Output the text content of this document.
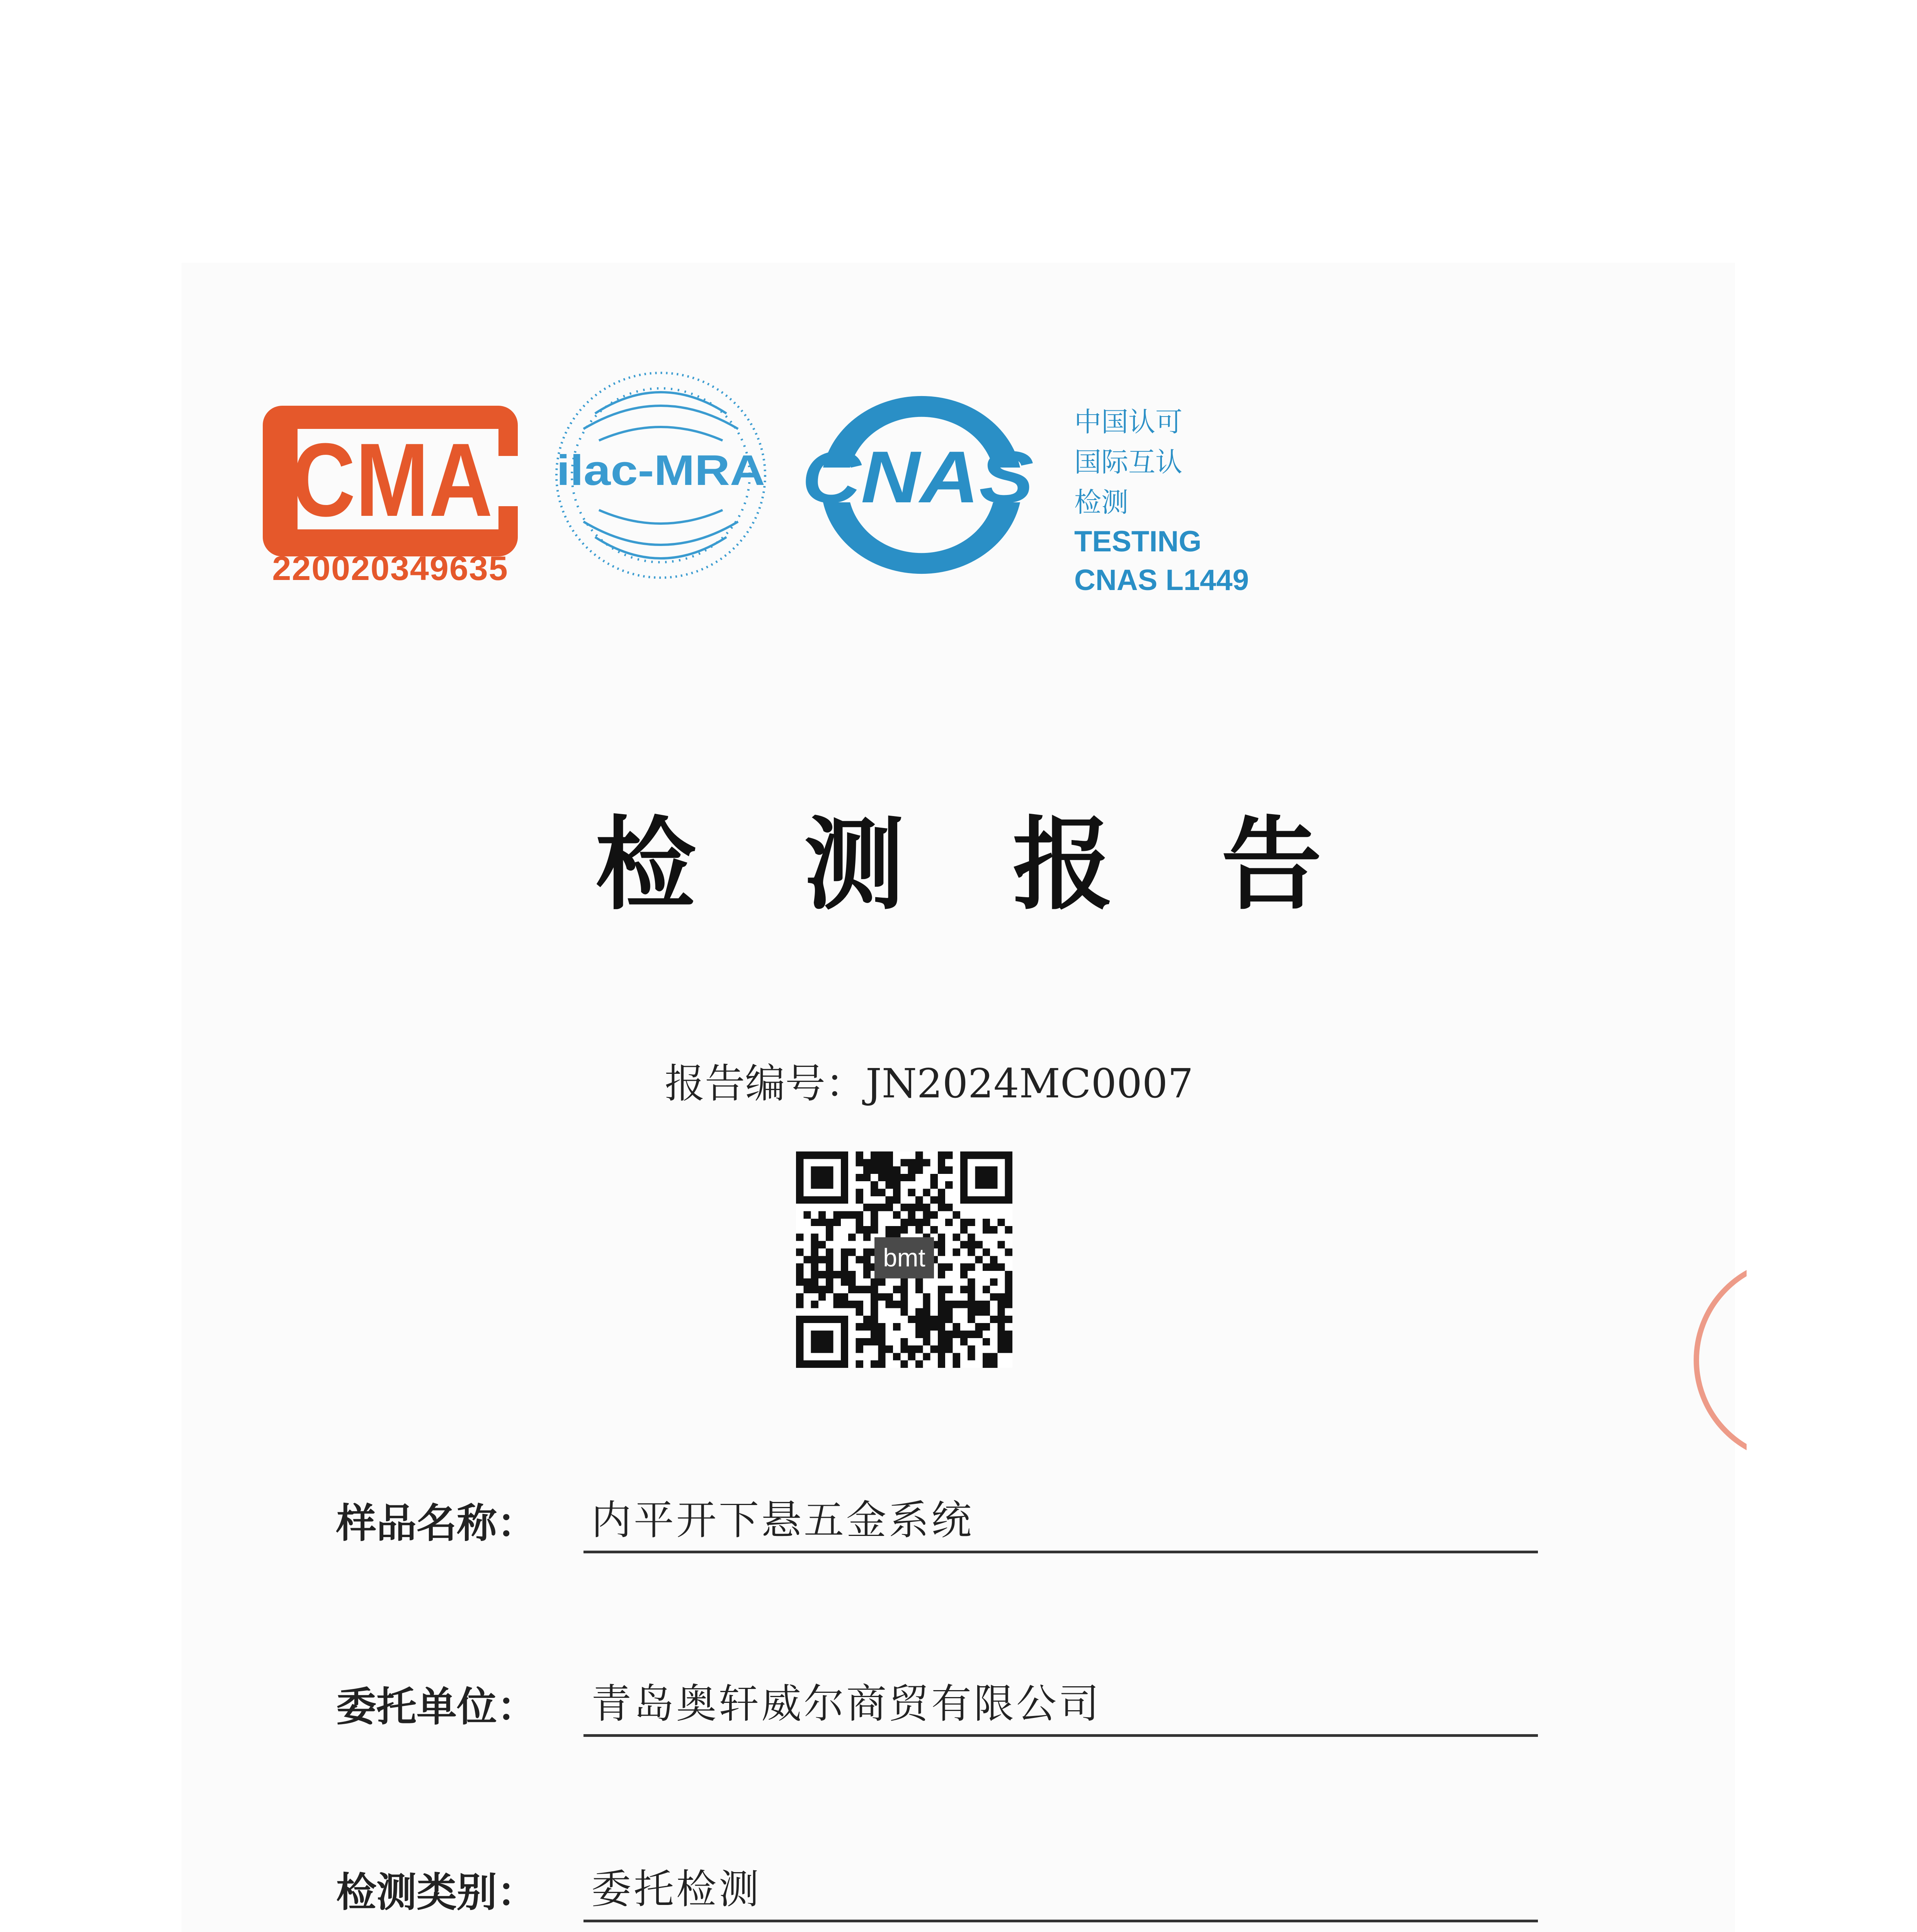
CMA
220020349635
ilac-MRA CNAS
中国认可
国际互认
检测
TESTING
CNAS L1449
检测报告
报告编号：JN2024MC0007
bmt
样品名称： 内平开下悬五金系统
委托单位： 青岛奥轩威尔商贸有限公司
检测类别： 委托检测
